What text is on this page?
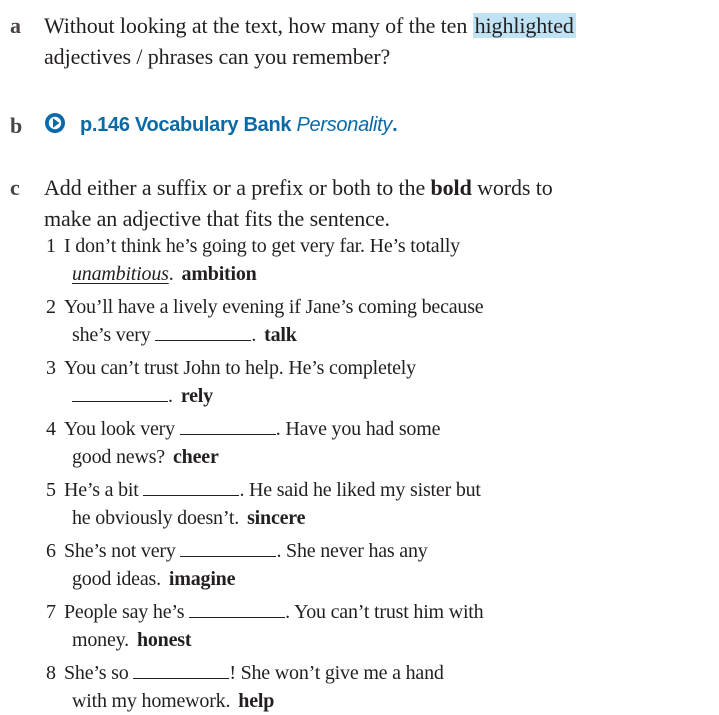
a	Without looking at the text, how many of the ten highlighted
adjectives / phrases can you remember?
b	p.146 Vocabulary Bank Personality.
c	Add either a suffix or a prefix or both to the bold words to
make an adjective that fits the sentence.
1 I don’t think he’s going to get very far. He’s totally
unambitious. ambition
2 You’ll have a lively evening if Jane’s coming because
she’s very	. talk
3 You can’t trust John to help. He’s completely
. rely
4 You look very	. Have you had some
good news? cheer
5 He’s a bit	. He said he liked my sister but
he obviously doesn’t. sincere
6 She’s not very	. She never has any
good ideas. imagine
7 People say he’s	. You can’t trust him with
money. honest
8 She’s so	! She won’t give me a hand
with my homework. help
